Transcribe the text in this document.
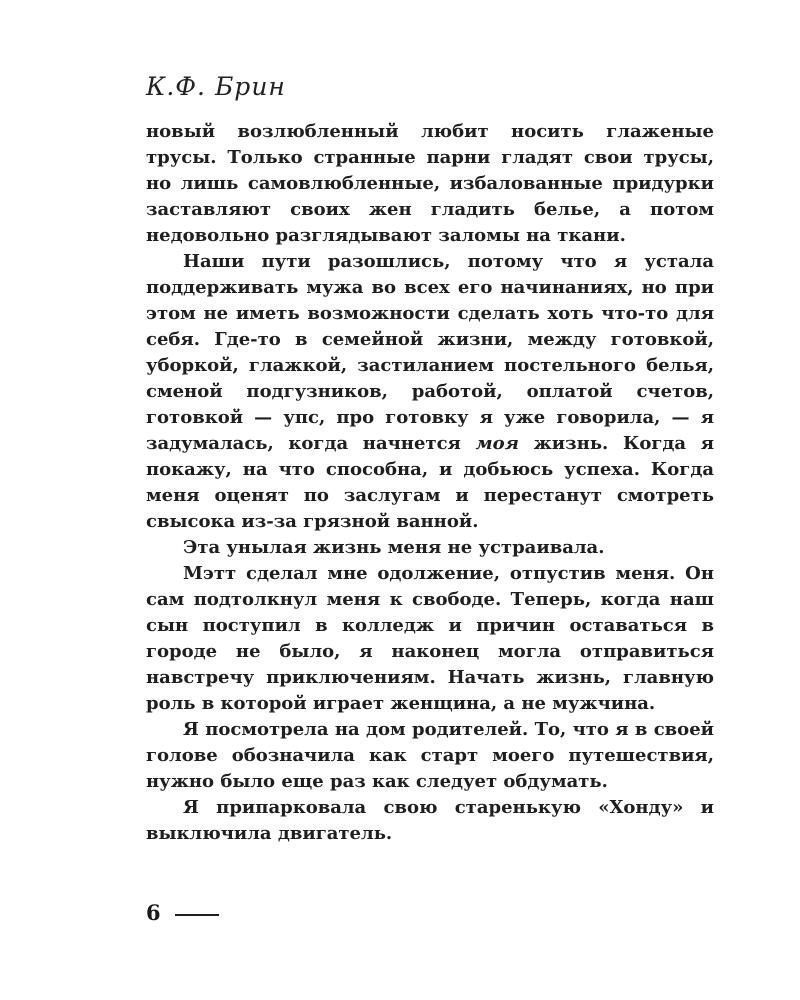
К.Ф. Брин

новый возлюбленный любит носить глаженые трусы. Только странные парни гладят свои трусы, но лишь самовлюбленные, избалованные придурки заставляют своих жен гладить белье, а потом недовольно разглядывают заломы на ткани.

Наши пути разошлись, потому что я устала поддерживать мужа во всех его начинаниях, но при этом не иметь возможности сделать хоть что-то для себя. Где-то в семейной жизни, между готовкой, уборкой, глажкой, застиланием постельного белья, сменой подгузников, работой, оплатой счетов, готовкой — упс, про готовку я уже говорила, — я задумалась, когда начнется моя жизнь. Когда я покажу, на что способна, и добьюсь успеха. Когда меня оценят по заслугам и перестанут смотреть свысока из-за грязной ванной.

Эта унылая жизнь меня не устраивала.

Мэтт сделал мне одолжение, отпустив меня. Он сам подтолкнул меня к свободе. Теперь, когда наш сын поступил в колледж и причин оставаться в городе не было, я наконец могла отправиться навстречу приключениям. Начать жизнь, главную роль в которой играет женщина, а не мужчина.

Я посмотрела на дом родителей. То, что я в своей голове обозначила как старт моего путешествия, нужно было еще раз как следует обдумать.

Я припарковала свою старенькую «Хонду» и выключила двигатель.

6
